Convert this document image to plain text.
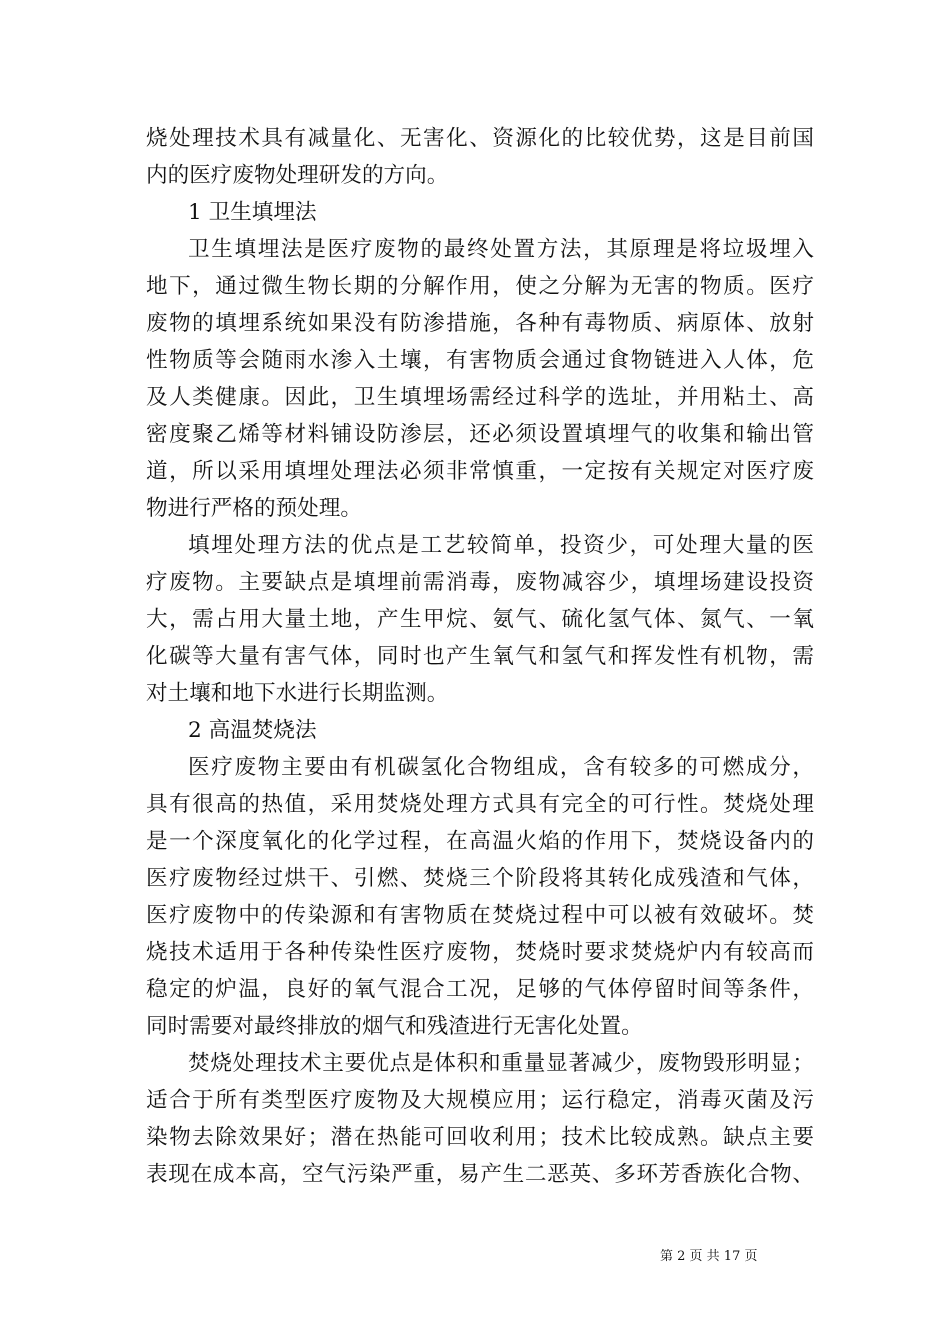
烧处理技术具有减量化、无害化、资源化的比较优势，这是目前国
内的医疗废物处理研发的方向。
1 卫生填埋法
卫生填埋法是医疗废物的最终处置方法，其原理是将垃圾埋入
地下，通过微生物长期的分解作用，使之分解为无害的物质。医疗
废物的填埋系统如果没有防渗措施，各种有毒物质、病原体、放射
性物质等会随雨水渗入土壤，有害物质会通过食物链进入人体，危
及人类健康。因此，卫生填埋场需经过科学的选址，并用粘土、高
密度聚乙烯等材料铺设防渗层，还必须设置填埋气的收集和输出管
道，所以采用填埋处理法必须非常慎重，一定按有关规定对医疗废
物进行严格的预处理。
填埋处理方法的优点是工艺较简单，投资少，可处理大量的医
疗废物。主要缺点是填埋前需消毒，废物减容少，填埋场建设投资
大，需占用大量土地，产生甲烷、氨气、硫化氢气体、氮气、一氧
化碳等大量有害气体，同时也产生氧气和氢气和挥发性有机物，需
对土壤和地下水进行长期监测。
2 高温焚烧法
医疗废物主要由有机碳氢化合物组成，含有较多的可燃成分，
具有很高的热值，采用焚烧处理方式具有完全的可行性。焚烧处理
是一个深度氧化的化学过程，在高温火焰的作用下，焚烧设备内的
医疗废物经过烘干、引燃、焚烧三个阶段将其转化成残渣和气体，
医疗废物中的传染源和有害物质在焚烧过程中可以被有效破坏。焚
烧技术适用于各种传染性医疗废物，焚烧时要求焚烧炉内有较高而
稳定的炉温，良好的氧气混合工况，足够的气体停留时间等条件，
同时需要对最终排放的烟气和残渣进行无害化处置。
焚烧处理技术主要优点是体积和重量显著减少，废物毁形明显；
适合于所有类型医疗废物及大规模应用；运行稳定，消毒灭菌及污
染物去除效果好；潜在热能可回收利用；技术比较成熟。缺点主要
表现在成本高，空气污染严重，易产生二恶英、多环芳香族化合物、
第 2 页 共 17 页
